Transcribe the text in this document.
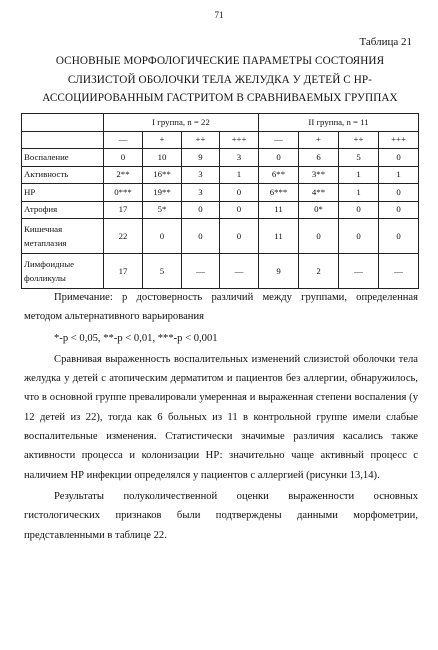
71
Таблица 21
ОСНОВНЫЕ МОРФОЛОГИЧЕСКИЕ ПАРАМЕТРЫ СОСТОЯНИЯ
СЛИЗИСТОЙ ОБОЛОЧКИ ТЕЛА ЖЕЛУДКА У ДЕТЕЙ С НР-
АССОЦИИРОВАННЫМ ГАСТРИТОМ В СРАВНИВАЕМЫХ ГРУППАХ
	I группа, n = 22				II группа, n = 11			
	—	+	++	+++	—	+	++	+++
Воспаление	0	10	9	3	0	6	5	0
Активность	2**	16**	3	1	6**	3**	1	1
НР	0***	19**	3	0	6***	4**	1	0
Атрофия	17	5*	0	0	11	0*	0	0
Кишечная метаплазия	22	0	0	0	11	0	0	0
Лимфоидные фолликулы	17	5	—	—	9	2	—	—

Примечание: р достоверность различий между группами, определенная методом альтернативного варьирования

*-р < 0,05, **-р < 0,01, ***-р < 0,001

Сравнивая выраженность воспалительных изменений слизистой оболочки тела желудка у детей с атопическим дерматитом и пациентов без аллергии, обнаружилось, что в основной группе превалировали умеренная и выраженная степени воспаления (у 12 детей из 22), тогда как 6 больных из 11 в контрольной группе имели слабые воспалительные изменения. Статистически значимые различия касались также активности процесса и колонизации НР: значительно чаще активный процесс с наличием НР инфекции определялся у пациентов с аллергией (рисунки 13,14).

Результаты полуколичественной оценки выраженности основных гистологических признаков были подтверждены данными морфометрии, представленными в таблице 22.
